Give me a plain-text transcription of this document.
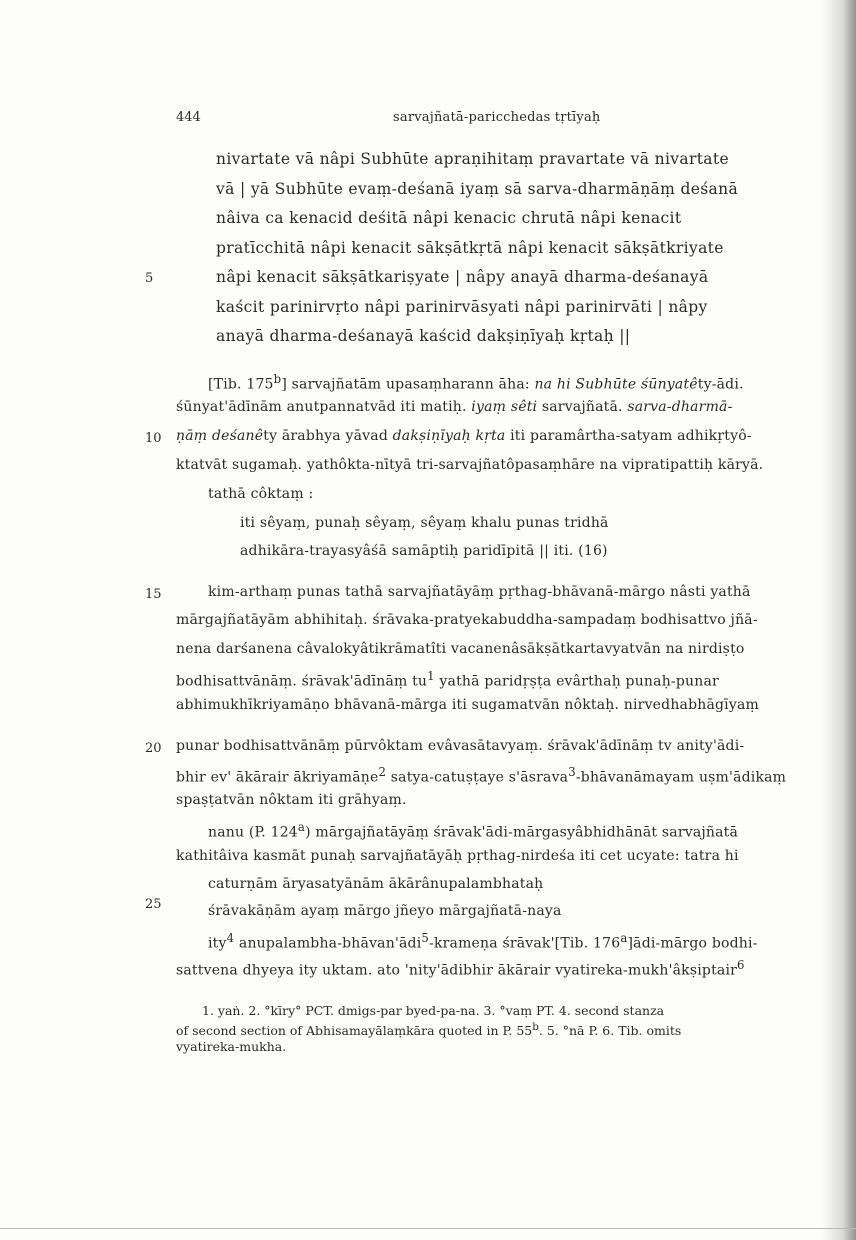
444	sarvajñatā-paricchedas tṛtīyaḥ
5
10
15
20
25
nivartate vā nâpi Subhūte apraṇihitaṃ pravartate vā nivartate
vā | yā Subhūte evaṃ-deśanā iyaṃ sā sarva-dharmāṇāṃ deśanā
nâiva ca kenacid deśitā nâpi kenacic chrutā nâpi kenacit
pratīcchitā nâpi kenacit sākṣātkṛtā nâpi kenacit sākṣātkriyate
nâpi kenacit sākṣātkariṣyate | nâpy anayā dharma-deśanayā
kaścit parinirvṛto nâpi parinirvāsyati nâpi parinirvāti | nâpy
anayā dharma-deśanayā kaścid dakṣiṇīyaḥ kṛtaḥ ||
[Tib. 175$^b$] sarvajñatām upasaṃharann āha: na hi Subhūte śūnyatêty-ādi.
śūnyat'ādīnām anutpannatvād iti matiḥ. iyaṃ sêti sarvajñatā. sarva-dharmā-
ṇāṃ deśanêty ārabhya yāvad dakṣiṇīyaḥ kṛta iti paramârtha-satyam adhikṛtyô-
ktatvāt sugamaḥ. yathôkta-nītyā tri-sarvajñatôpasaṃhāre na vipratipattiḥ kāryā.
tathā côktaṃ :
iti sêyaṃ, punaḥ sêyaṃ, sêyaṃ khalu punas tridhā
adhikāra-trayasyâśā samāptiḥ paridīpitā || iti. (16)
kim-arthaṃ punas tathā sarvajñatāyāṃ pṛthag-bhāvanā-mārgo nâsti yathā
mārgajñatāyām abhihitaḥ. śrāvaka-pratyekabuddha-sampadaṃ bodhisattvo jñā-
nena darśanena câvalokyâtikrāmatîti vacanenâsākṣātkartavyatvān na nirdiṣṭo
bodhisattvānāṃ. śrāvak'ādīnāṃ $tu^1$ yathā paridṛṣṭa evârthaḥ punaḥ-punar
abhimukhīkriyamāṇo bhāvanā-mārga iti sugamatvān nôktaḥ. nirvedhabhāgīyaṃ
punar bodhisattvānāṃ pūrvôktam evâvasātavyaṃ. śrāvak'ādīnāṃ tv anity'ādi-
bhir ev' ākārair ākriyamāṇe$^2$ satya-catuṣṭaye s'āsrava$^3$-bhāvanāmayam uṣm'ādikaṃ
spaṣṭatvān nôktam iti grāhyaṃ.
nanu (P. 124$^a$) mārgajñatāyāṃ śrāvak'ādi-mārgasyâbhidhānāt sarvajñatā
kathitâiva kasmāt punaḥ sarvajñatāyāḥ pṛthag-nirdeśa iti cet ucyate: tatra hi
caturṇām āryasatyānām ākārânupalambhataḥ
śrāvakāṇām ayaṃ mārgo jñeyo mārgajñatā-naya
ity$^4$ anupalambha-bhāvan'ādi$^5$-krameṇa śrāvak'[Tib. 176$^a$]ādi-mārgo bodhi-
sattvena dhyeya ity uktam. ato 'nity'ādibhir ākārair vyatireka-mukh'âkṣiptair$^6$
1. yaṅ. 2. °kīry° PCT. dmigs-par byed-pa-na. 3. °vaṃ PT. 4. second stanza
of second section of Abhisamayālaṃkāra quoted in P. 55$^b$. 5. °nā P. 6. Tib. omits
vyatireka-mukha.
